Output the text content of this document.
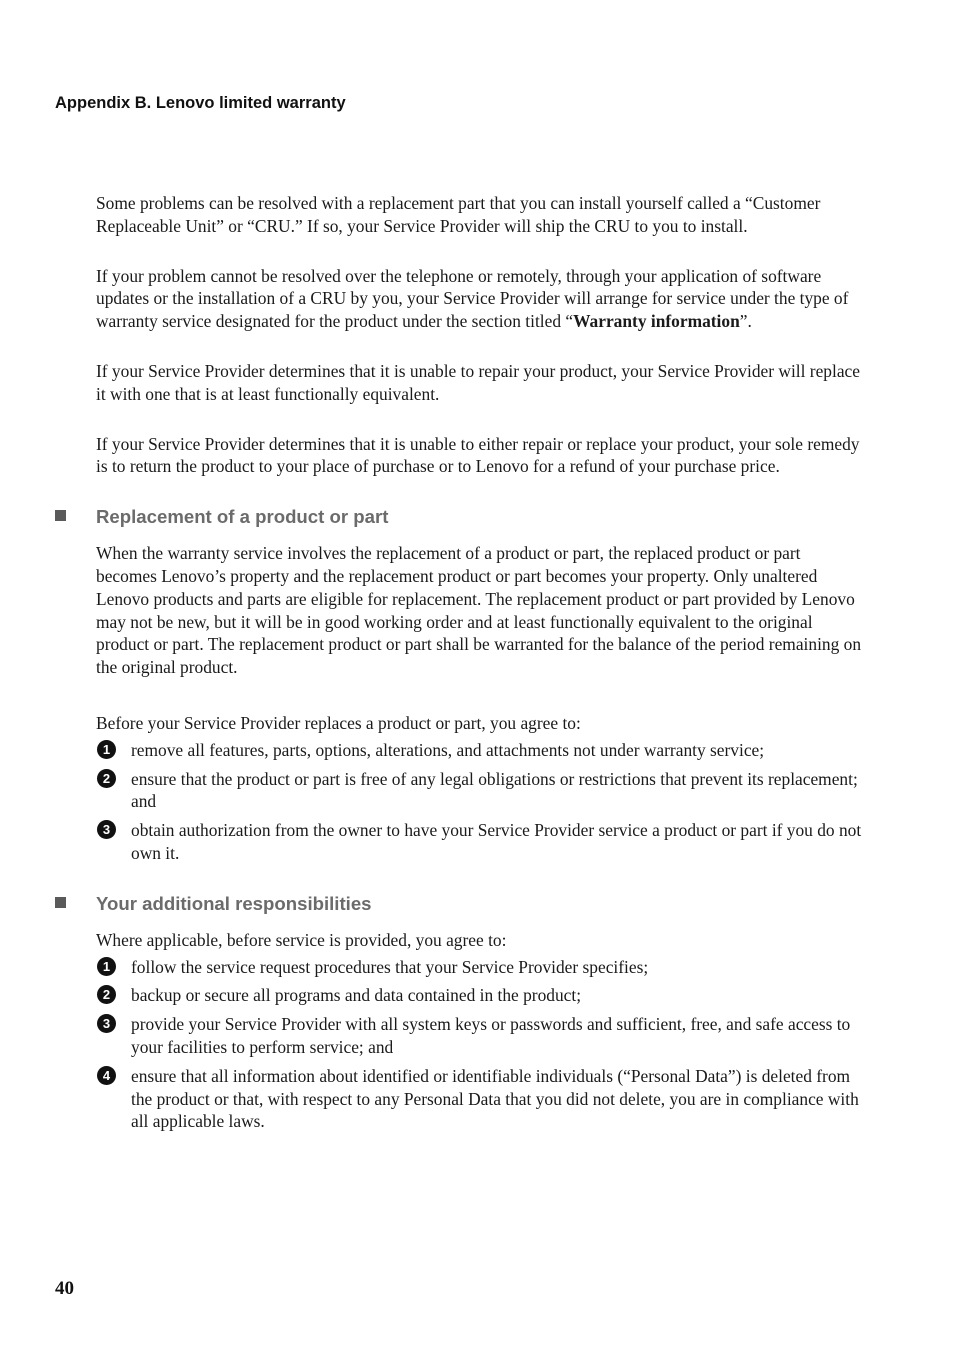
Appendix B. Lenovo limited warranty

Some problems can be resolved with a replacement part that you can install yourself called a “Customer Replaceable Unit” or “CRU.” If so, your Service Provider will ship the CRU to you to install.

If your problem cannot be resolved over the telephone or remotely, through your application of software updates or the installation of a CRU by you, your Service Provider will arrange for service under the type of warranty service designated for the product under the section titled “Warranty information”.

If your Service Provider determines that it is unable to repair your product, your Service Provider will replace it with one that is at least functionally equivalent.

If your Service Provider determines that it is unable to either repair or replace your product, your sole remedy is to return the product to your place of purchase or to Lenovo for a refund of your purchase price.

Replacement of a product or part

When the warranty service involves the replacement of a product or part, the replaced product or part becomes Lenovo’s property and the replacement product or part becomes your property. Only unaltered Lenovo products and parts are eligible for replacement. The replacement product or part provided by Lenovo may not be new, but it will be in good working order and at least functionally equivalent to the original product or part. The replacement product or part shall be warranted for the balance of the period remaining on the original product.

Before your Service Provider replaces a product or part, you agree to:

1	remove all features, parts, options, alterations, and attachments not under warranty service;
2	ensure that the product or part is free of any legal obligations or restrictions that prevent its replacement; and
3	obtain authorization from the owner to have your Service Provider service a product or part if you do not own it.
Your additional responsibilities

Where applicable, before service is provided, you agree to:

1	follow the service request procedures that your Service Provider specifies;
2	backup or secure all programs and data contained in the product;
3	provide your Service Provider with all system keys or passwords and sufficient, free, and safe access to your facilities to perform service; and
4	ensure that all information about identified or identifiable individuals (“Personal Data”) is deleted from the product or that, with respect to any Personal Data that you did not delete, you are in compliance with all applicable laws.
40
